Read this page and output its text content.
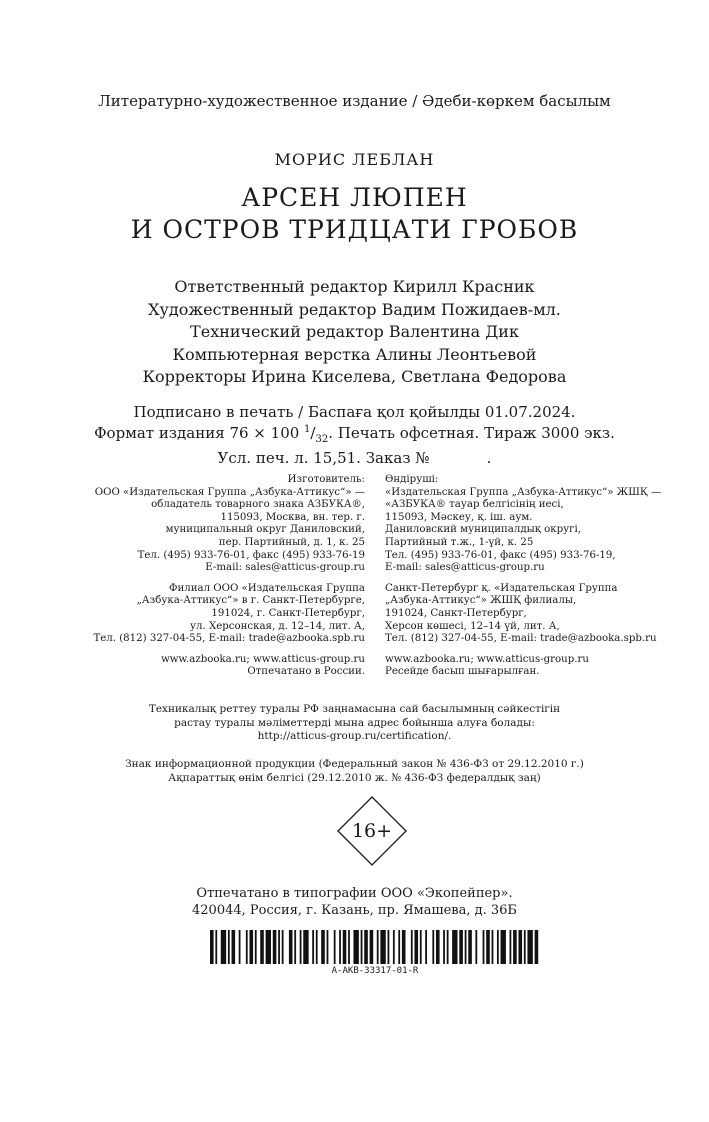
Литературно-художественное издание / Әдеби-көркем басылым
МОРИС ЛЕБЛАН
АРСЕН ЛЮПЕН
И ОСТРОВ ТРИДЦАТИ ГРОБОВ
Ответственный редактор Кирилл Красник
Художественный редактор Вадим Пожидаев-мл.
Технический редактор Валентина Дик
Компьютерная верстка Алины Леонтьевой
Корректоры Ирина Киселева, Светлана Федорова
Подписано в печать / Баспаға қол қойылды 01.07.2024.
Формат издания 76 × 100 $^1/_{32}$. Печать офсетная. Тираж 3000 экз.
Усл. печ. л. 15,51. Заказ №            .
Изготовитель:
ООО «Издательская Группа „Азбука-Аттикус“» —
обладатель товарного знака АЗБУКА®,
115093, Москва, вн. тер. г.
муниципальный округ Даниловский,
пер. Партийный, д. 1, к. 25
Тел. (495) 933-76-01, факс (495) 933-76-19
E-mail: sales@atticus-group.ru
Филиал ООО «Издательская Группа
„Азбука-Аттикус“» в г. Санкт-Петербурге,
191024, г. Санкт-Петербург,
ул. Херсонская, д. 12–14, лит. А,
Тел. (812) 327-04-55, E-mail: trade@azbooka.spb.ru
www.azbooka.ru; www.atticus-group.ru
Отпечатано в России.
Өндіруші:
«Издательская Группа „Азбука-Аттикус“» ЖШҚ —
«АЗБУКА® тауар белгісінің иесі,
115093, Мәскеу, қ. іш. аум.
Даниловский муниципалдық округі,
Партийный т.ж., 1-үй, к. 25
Тел. (495) 933-76-01, факс (495) 933-76-19,
E-mail: sales@atticus-group.ru
Санкт-Петербург қ. «Издательская Группа
„Азбука-Аттикус“» ЖШҚ филиалы,
191024, Санкт-Петербург,
Херсон көшесі, 12–14 үй, лит. А,
Тел. (812) 327-04-55, E-mail: trade@azbooka.spb.ru
www.azbooka.ru; www.atticus-group.ru
Ресейде басып шығарылған.
Техникалық реттеу туралы РФ заңнамасына сай басылымның сәйкестігін
растау туралы мәліметтерді мына адрес бойынша алуға болады:
http://atticus-group.ru/certification/.
Знак информационной продукции (Федеральный закон № 436-ФЗ от 29.12.2010 г.)
Ақпараттық өнім белгісі (29.12.2010 ж. № 436-ФЗ федералдық заң)
16+
Отпечатано в типографии ООО «Экопейпер».
420044, Россия, г. Казань, пр. Ямашева, д. 36Б
A-AKB-33317-01-R
